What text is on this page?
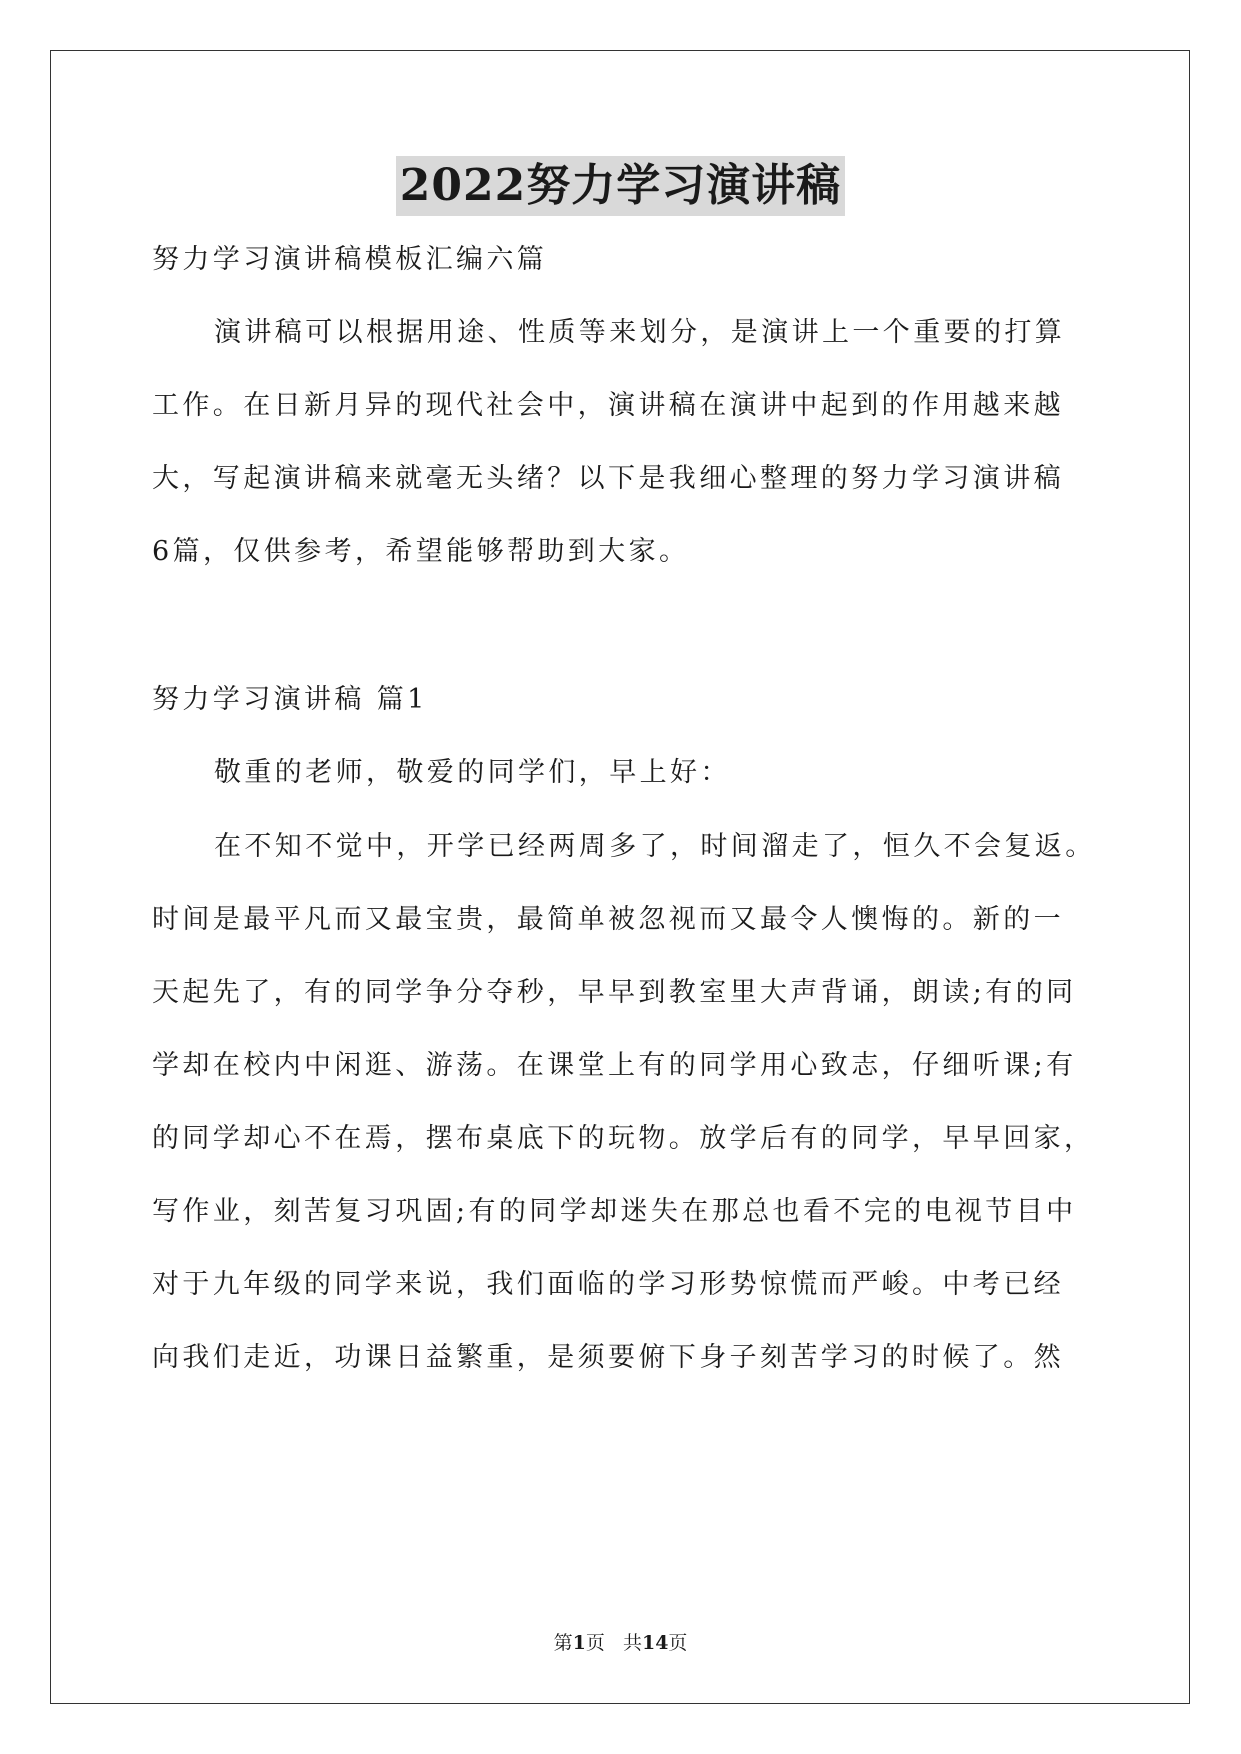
2022努力学习演讲稿
努力学习演讲稿模板汇编六篇
演讲稿可以根据用途、性质等来划分，是演讲上一个重要的打算
工作。在日新月异的现代社会中，演讲稿在演讲中起到的作用越来越
大，写起演讲稿来就毫无头绪？以下是我细心整理的努力学习演讲稿
6篇，仅供参考，希望能够帮助到大家。
努力学习演讲稿 篇1
敬重的老师，敬爱的同学们，早上好：
在不知不觉中，开学已经两周多了，时间溜走了，恒久不会复返。
时间是最平凡而又最宝贵，最简单被忽视而又最令人懊悔的。新的一
天起先了，有的同学争分夺秒，早早到教室里大声背诵，朗读;有的同
学却在校内中闲逛、游荡。在课堂上有的同学用心致志，仔细听课;有
的同学却心不在焉，摆布桌底下的玩物。放学后有的同学，早早回家，
写作业，刻苦复习巩固;有的同学却迷失在那总也看不完的电视节目中
对于九年级的同学来说，我们面临的学习形势惊慌而严峻。中考已经
向我们走近，功课日益繁重，是须要俯下身子刻苦学习的时候了。然
第1页 共14页
